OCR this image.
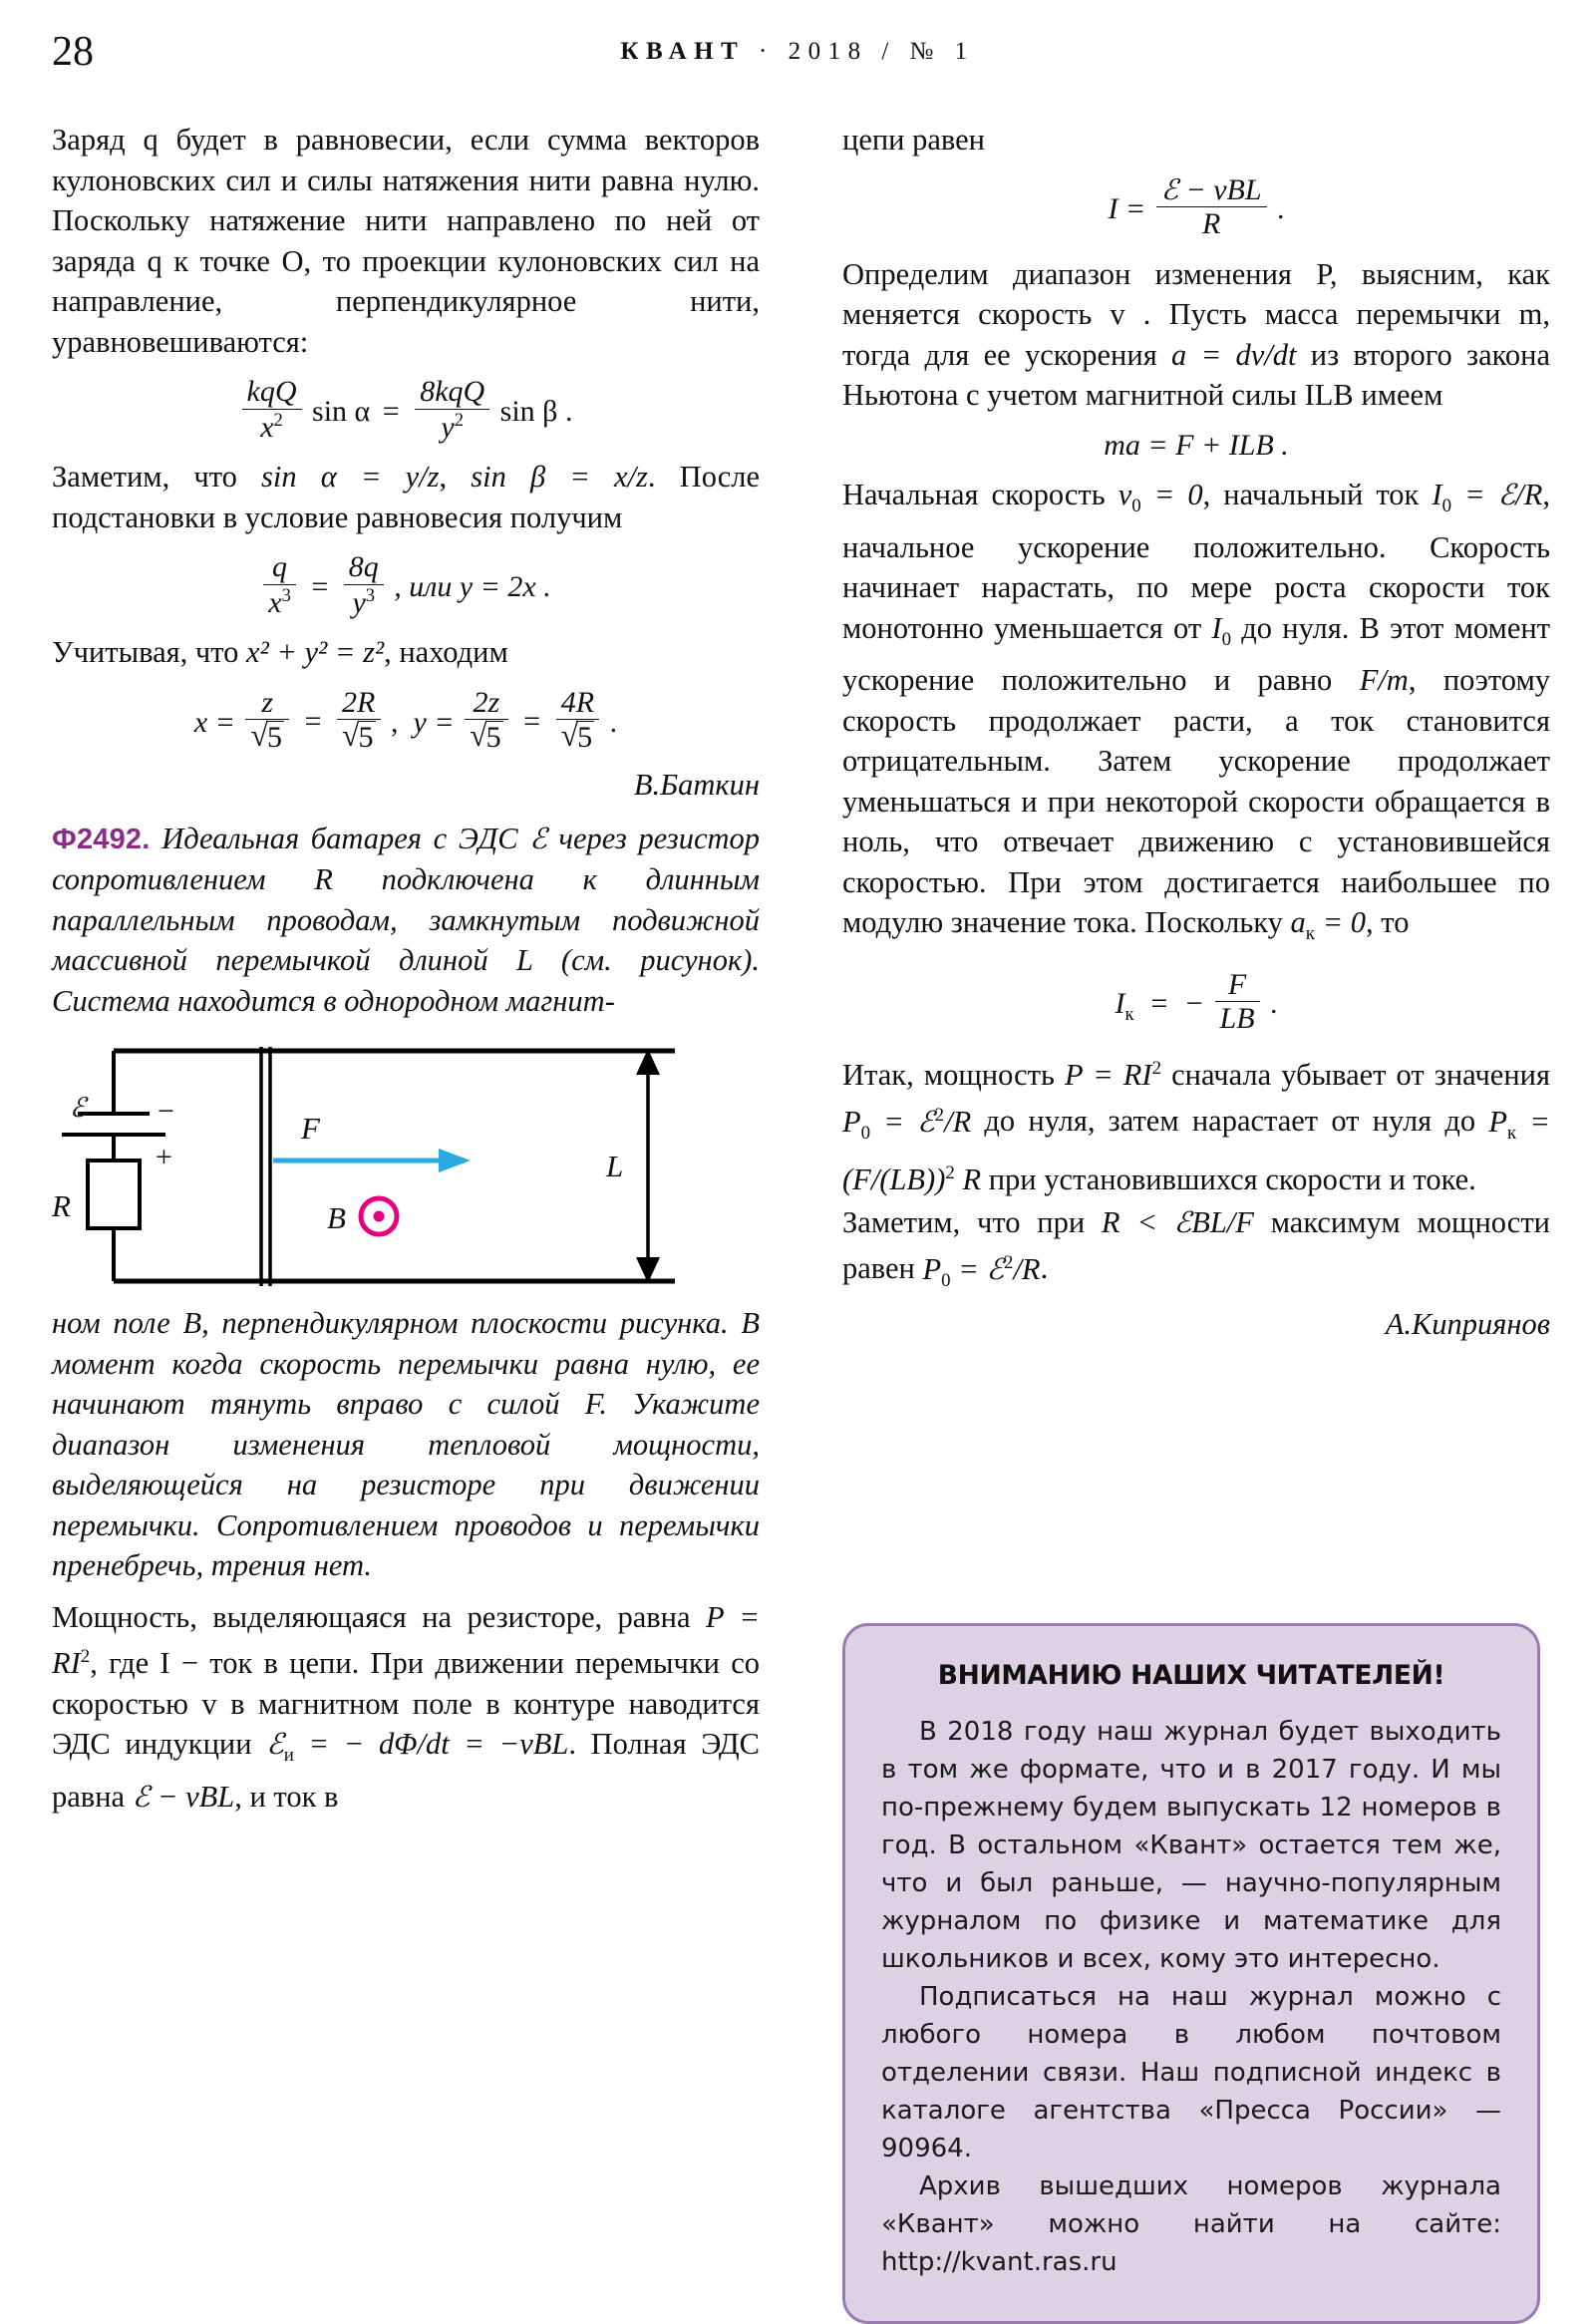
28	КВАНТ · 2018 / № 1

Заряд q будет в равновесии, если сумма векторов кулоновских сил и силы натяжения нити равна нулю. Поскольку натяжение нити направлено по ней от заряда q к точке O, то проекции кулоновских сил на направление, перпендикулярное нити, уравновешиваются:

$\frac{\text{kqQ}}{x^2}$ $\sin \alpha = \frac{\text{8kqQ}}{y^2}$ sin β .

Заметим, что sin α = y/z, sin β = x/z. После подстановки в условие равновесия получим

$\frac{q}{x^3} = \frac{8q}{y^3}$ , или y = 2x .

Учитывая, что x² + y² = z², находим

x = z
√ 5 = 2R
√ 5 , y = 2z
√ 5 = 4R
√ 5 .
В.Баткин

Ф2492. Идеальная батарея с ЭДС ℰ через резистор сопротивлением R подключена к длинным параллельным проводам, замкнутым подвижной массивной перемычкой длиной L (см. рисунок). Система находится в однородном магнит-

ℰ −
+
R
F
B
L

ном поле B, перпендикулярном плоскости рисунка. В момент когда скорость перемычки равна нулю, ее начинают тянуть вправо с силой F. Укажите диапазон изменения тепловой мощности, выделяющейся на резисторе при движении перемычки. Сопротивлением проводов и перемычки пренебречь, трения нет.

Мощность, выделяющаяся на резисторе, равна $P = RI^2$, где I − ток в цепи. При движении перемычки со скоростью v в магнитном поле в контуре наводится ЭДС индукции ℰ$_и$ = − dΦ/dt = −vBL. Полная ЭДС равна ℰ − vBL, и ток в

цепи равен

$I = \frac{\text{ℰ − vBL}}{R}$ .

Определим диапазон изменения P, выясним, как меняется скорость v . Пусть масса перемычки m, тогда для ее ускорения a = dv/dt из второго закона Ньютона с учетом магнитной силы ILB имеем

ma = F + ILB .

Начальная скорость $v_0 = 0$, начальный ток $I_0$ = ℰ/R, начальное ускорение положительно. Скорость начинает нарастать, по мере роста скорости ток монотонно уменьшается от $I_0$ до нуля. В этот момент ускорение положительно и равно F/m, поэтому скорость продолжает расти, а ток становится отрицательным. Затем ускорение продолжает уменьшаться и при некоторой скорости обращается в ноль, что отвечает движению с установившейся скоростью. При этом достигается наибольшее по модулю значение тока. Поскольку $a_к = 0$, то

$I_к$  =  − $\frac{F}{LB}$ .

Итак, мощность $P = RI^2$ сначала убывает от значения $P_0$ = ℰ$^2$/R до нуля, затем нарастает от нуля до $P_к = (F/(LB))^2$ R при установившихся скорости и токе.

Заметим, что при R < ℰBL/F максимум мощности равен $P_0$ = ℰ$^2$/R.

А.Киприянов
ВНИМАНИЮ НАШИХ ЧИТАТЕЛЕЙ!

В 2018 году наш журнал будет выходить в том же формате, что и в 2017 году. И мы по-прежнему будем выпускать 12 номеров в год. В остальном «Квант» остается тем же, что и был раньше, — научно-популярным журналом по физике и математике для школьников и всех, кому это интересно.

Подписаться на наш журнал можно с любого номера в любом почтовом отделении связи. Наш подписной индекс в каталоге агентства «Пресса России» — 90964.

Архив вышедших номеров журнала «Квант» можно найти на сайте: http://kvant.ras.ru
